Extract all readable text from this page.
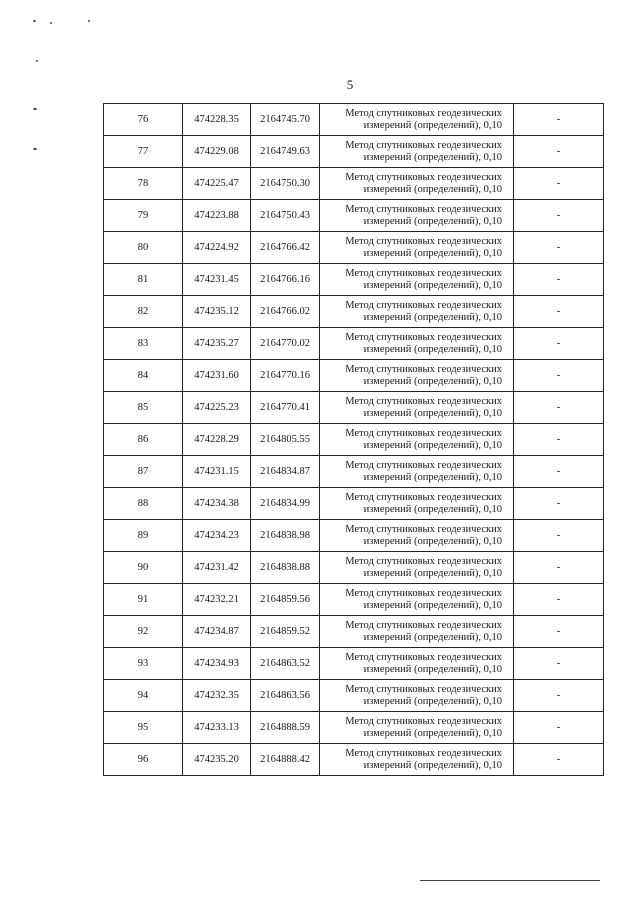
5
76	474228.35	2164745.70	Метод спутниковых геодезических
измерений (определений), 0,10	-
77	474229.08	2164749.63	Метод спутниковых геодезических
измерений (определений), 0,10	-
78	474225.47	2164750.30	Метод спутниковых геодезических
измерений (определений), 0,10	-
79	474223.88	2164750.43	Метод спутниковых геодезических
измерений (определений), 0,10	-
80	474224.92	2164766.42	Метод спутниковых геодезических
измерений (определений), 0,10	-
81	474231.45	2164766.16	Метод спутниковых геодезических
измерений (определений), 0,10	-
82	474235.12	2164766.02	Метод спутниковых геодезических
измерений (определений), 0,10	-
83	474235.27	2164770.02	Метод спутниковых геодезических
измерений (определений), 0,10	-
84	474231.60	2164770.16	Метод спутниковых геодезических
измерений (определений), 0,10	-
85	474225.23	2164770.41	Метод спутниковых геодезических
измерений (определений), 0,10	-
86	474228.29	2164805.55	Метод спутниковых геодезических
измерений (определений), 0,10	-
87	474231.15	2164834.87	Метод спутниковых геодезических
измерений (определений), 0,10	-
88	474234.38	2164834.99	Метод спутниковых геодезических
измерений (определений), 0,10	-
89	474234.23	2164838.98	Метод спутниковых геодезических
измерений (определений), 0,10	-
90	474231.42	2164838.88	Метод спутниковых геодезических
измерений (определений), 0,10	-
91	474232.21	2164859.56	Метод спутниковых геодезических
измерений (определений), 0,10	-
92	474234.87	2164859.52	Метод спутниковых геодезических
измерений (определений), 0,10	-
93	474234.93	2164863.52	Метод спутниковых геодезических
измерений (определений), 0,10	-
94	474232.35	2164863.56	Метод спутниковых геодезических
измерений (определений), 0,10	-
95	474233.13	2164888.59	Метод спутниковых геодезических
измерений (определений), 0,10	-
96	474235.20	2164888.42	Метод спутниковых геодезических
измерений (определений), 0,10	-
